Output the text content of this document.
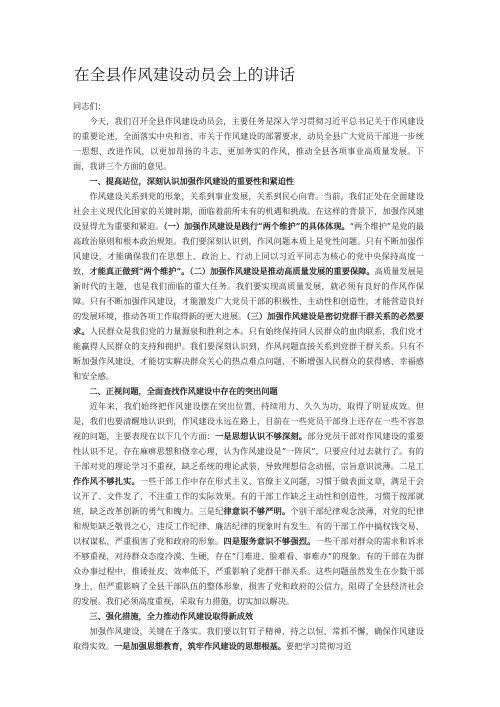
在全县作风建设动员会上的讲话

同志们：

今天，我们召开全县作风建设动员会，主要任务是深入学习贯彻习近平总书记关于作风建设的重要论述，全面落实中央和省、市关于作风建设的部署要求，动员全县广大党员干部进一步统一思想、改进作风，以更加昂扬的斗志、更加务实的作风，推动全县各项事业高质量发展。下面，我讲三个方面的意见。

一、提高站位，深刻认识加强作风建设的重要性和紧迫性

作风建设关系到党的形象，关系到事业发展，关系到民心向背。当前，我们正处在全面建设社会主义现代化国家的关键时期，面临着前所未有的机遇和挑战。在这样的背景下，加强作风建设显得尤为重要和紧迫。（一）加强作风建设是践行“两个维护”的具体体现。“两个维护”是党的最高政治原则和根本政治规矩。我们要深刻认识到，作风问题本质上是党性问题。只有不断加强作风建设，才能确保我们在思想上、政治上、行动上同以习近平同志为核心的党中央保持高度一致，才能真正做到“两个维护”。（二）加强作风建设是推动高质量发展的重要保障。高质量发展是新时代的主题，也是我们面临的重大任务。我们要实现高质量发展，就必须有良好的作风作保障。只有不断加强作风建设，才能激发广大党员干部的积极性、主动性和创造性，才能营造良好的发展环境，推动各项工作取得新的更大进展。（三）加强作风建设是密切党群干群关系的必然要求。人民群众是我们党的力量源泉和胜利之本。只有始终保持同人民群众的血肉联系，我们党才能赢得人民群众的支持和拥护。我们要深刻认识到，作风问题直接关系到党群干群关系。只有不断加强作风建设，才能切实解决群众关心的热点难点问题，不断增强人民群众的获得感、幸福感和安全感。

二、正视问题，全面查找作风建设中存在的突出问题

近年来，我们始终把作风建设摆在突出位置，持续用力、久久为功，取得了明显成效。但是，我们也要清醒地认识到，作风建设永远在路上，目前在一些党员干部身上还存在一些不容忽视的问题，主要表现在以下几个方面：一是思想认识不够深刻。部分党员干部对作风建设的重要性认识不足，存在麻痹思想和侥幸心理，认为作风建设是“一阵风”，只要应付过去就行了。有的干部对党的理论学习不重视，缺乏系统的理论武装，导致理想信念动摇，宗旨意识淡薄。二是工作作风不够扎实。一些干部工作中存在形式主义、官僚主义问题，习惯于做表面文章，满足于会议开了、文件发了，不注重工作的实际效果。有的干部工作缺乏主动性和创造性，习惯于按部就班，缺乏改革创新的勇气和魄力。三是纪律意识不够严明。个别干部纪律观念淡薄，对党的纪律和规矩缺乏敬畏之心，违反工作纪律、廉洁纪律的现象时有发生。有的干部工作中搞权钱交易、以权谋私，严重损害了党和政府的形象。四是服务意识不够强烈。一些干部对群众的需求和诉求不够重视，对待群众态度冷漠、生硬，存在“门难进、脸难看、事难办”的现象。有的干部在为群众办事过程中，推诿扯皮、效率低下，严重影响了党群干群关系。这些问题虽然发生在少数干部身上，但严重影响了全县干部队伍的整体形象，损害了党和政府的公信力，阻碍了全县经济社会的发展。我们必须高度重视，采取有力措施，切实加以解决。

三、强化措施，全力推动作风建设取得新成效

加强作风建设，关键在于落实。我们要以钉钉子精神，持之以恒、常抓不懈，确保作风建设取得实效。一是加强思想教育，筑牢作风建设的思想根基。要把学习贯彻习近
